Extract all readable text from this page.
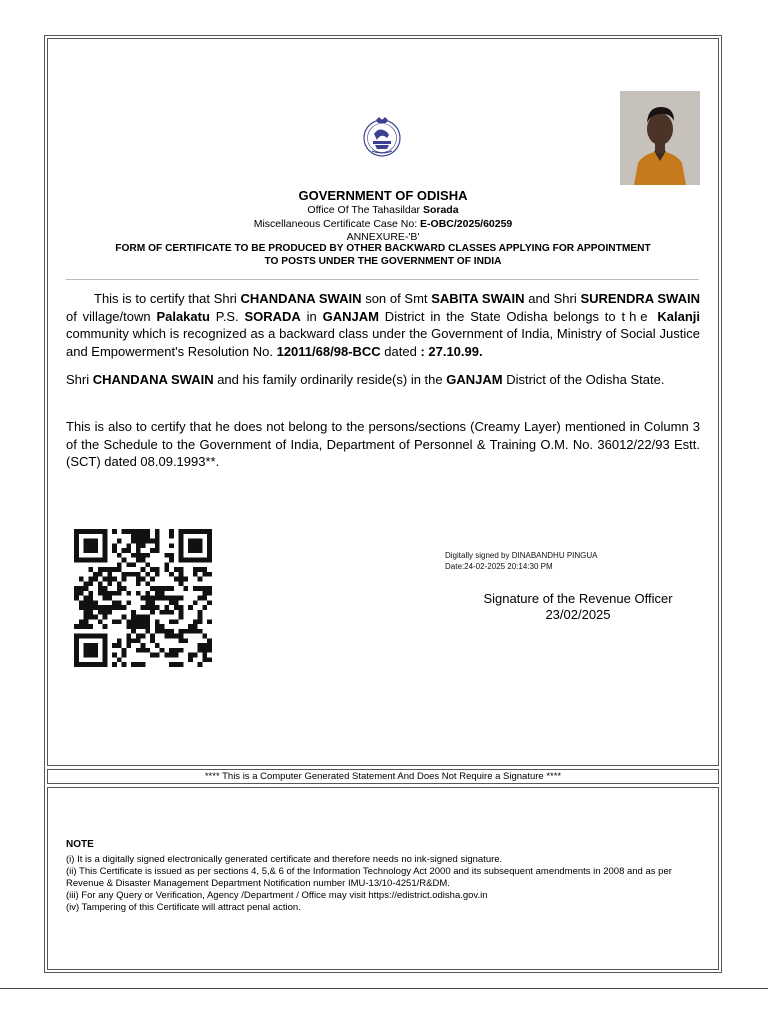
GOVERNMENT OF ODISHA
Office Of The Tahasildar Sorada
Miscellaneous Certificate Case No: E-OBC/2025/60259
ANNEXURE-'B'
FORM OF CERTIFICATE TO BE PRODUCED BY OTHER BACKWARD CLASSES APPLYING FOR APPOINTMENT
TO POSTS UNDER THE GOVERNMENT OF INDIA
This is to certify that Shri CHANDANA SWAIN son of Smt SABITA SWAIN and Shri SURENDRA SWAIN of village/town Palakatu P.S. SORADA in GANJAM District in the State Odisha belongs to the Kalanji community which is recognized as a backward class under the Government of India, Ministry of Social Justice and Empowerment's Resolution No. 12011/68/98-BCC dated : 27.10.99.
Shri CHANDANA SWAIN and his family ordinarily reside(s) in the GANJAM District of the Odisha State.
This is also to certify that he does not belong to the persons/sections (Creamy Layer) mentioned in Column 3 of the Schedule to the Government of India, Department of Personnel & Training O.M. No. 36012/22/93 Estt.(SCT) dated 08.09.1993**.
Digitally signed by DINABANDHU PINGUA
Date:24-02-2025 20:14:30 PM
Signature of the Revenue Officer
23/02/2025
**** This is a Computer Generated Statement And Does Not Require a Signature ****
NOTE
(i) It is a digitally signed electronically generated certificate and therefore needs no ink-signed signature.
(ii) This Certificate is issued as per sections 4, 5,& 6 of the Information Technology Act 2000 and its subsequent amendments in 2008 and as per Revenue & Disaster Management Department Notification number IMU-13/10-4251/R&DM.
(iii) For any Query or Verification, Agency /Department / Office may visit https://edistrict.odisha.gov.in
(iv) Tampering of this Certificate will attract penal action.
